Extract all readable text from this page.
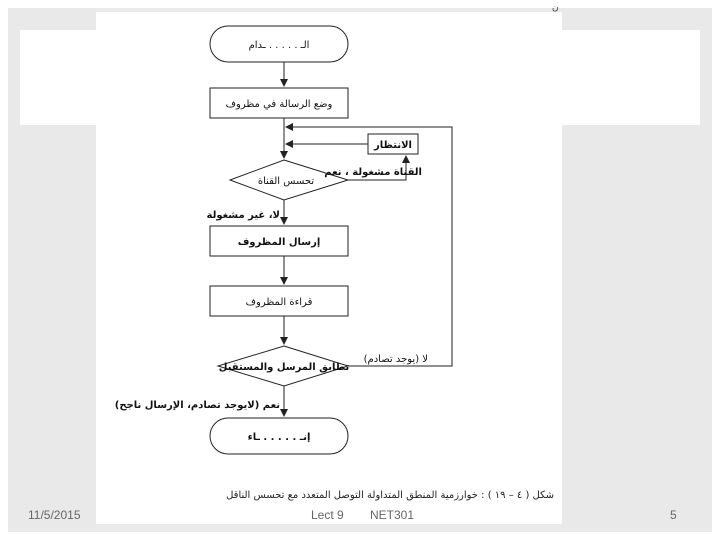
الـ . . . . . ـدام
وضع الرسالة في مظروف
الانتظار
تحسس القناة
القناة مشغولة ، نعم
لا، غير مشغولة
إرسال المظروف
قراءة المظروف
تطابق المرسل والمستقبل
لا (يوجد تصادم)
نعم (لايوجد تصادم، الإرسال ناجح)
إنـ . . . . . ـاء
شكل ( ٤ – ١٩ ) : خوارزمية المنطق المتداولة التوصل المتعدد مع تحسس الناقل
ن
11/5/2015	Lect 9 NET301	5
